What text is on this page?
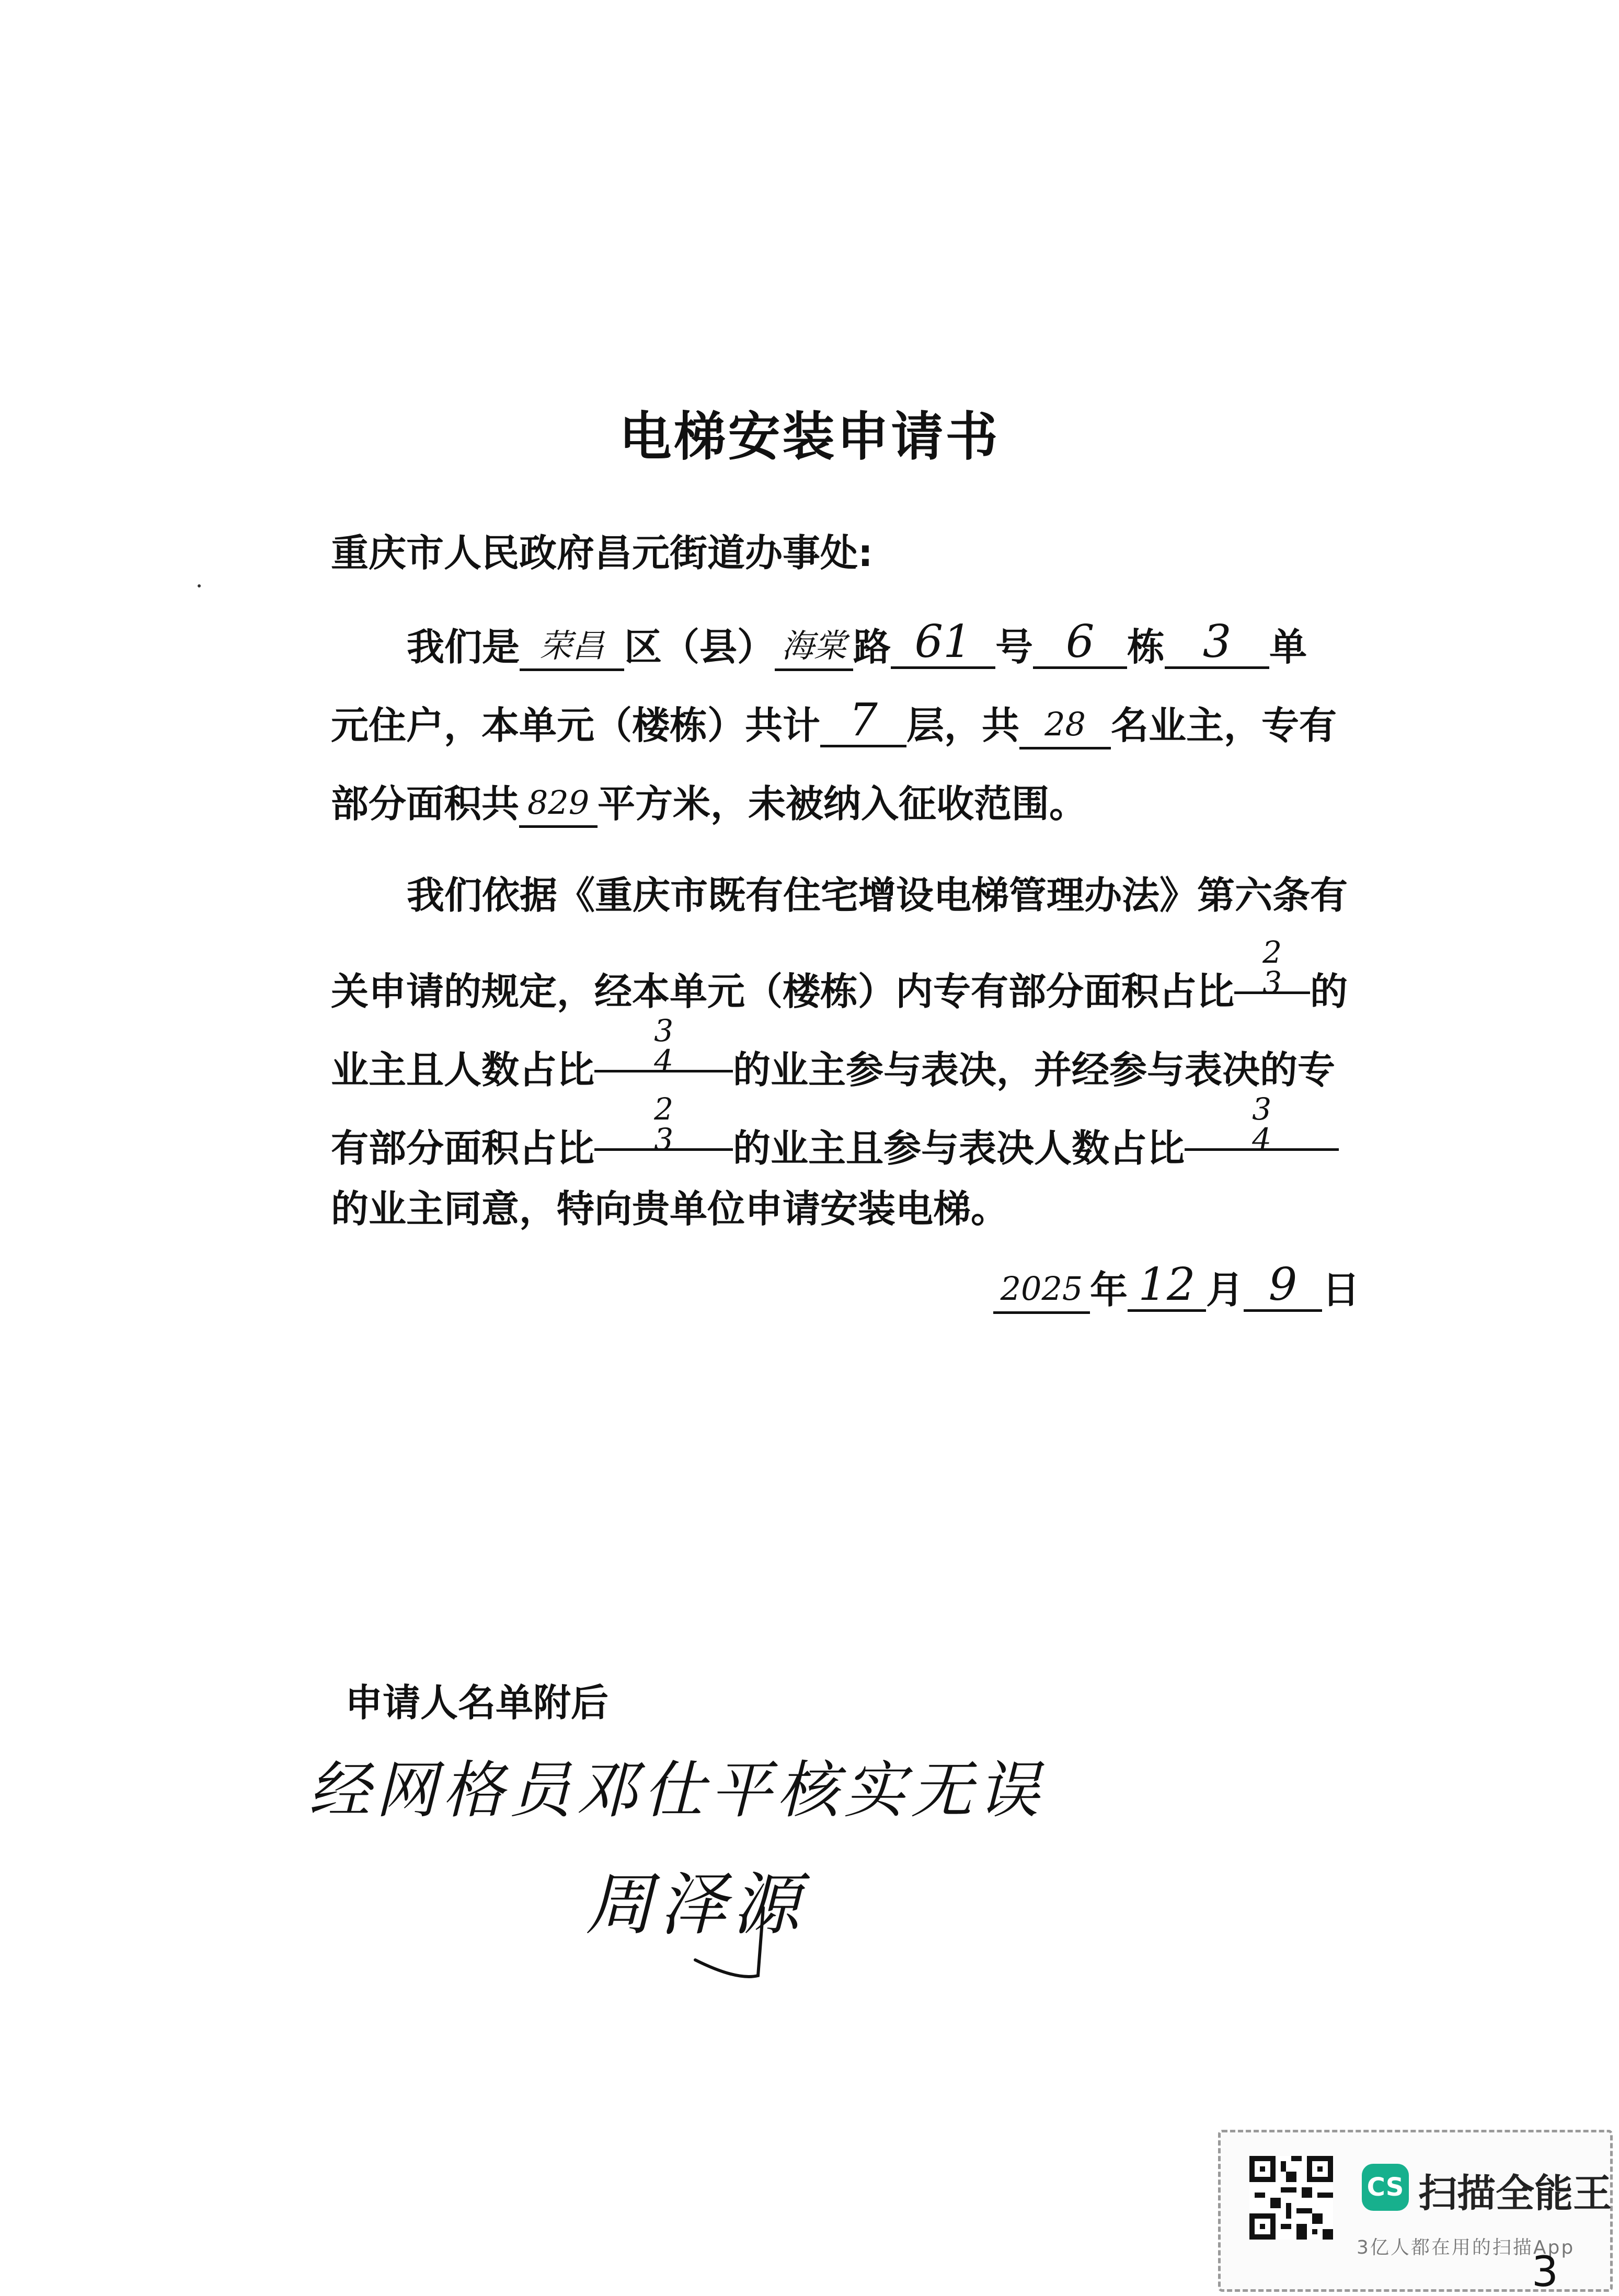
电梯安装申请书
重庆市人民政府昌元街道办事处:
我们是 荣昌 区（县） 海棠 路 61 号 6 栋 3 单
元住户，本单元（楼栋）共计 7 层，共 28 名业主，专有
部分面积共 829 平方米，未被纳入征收范围。
我们依据《重庆市既有住宅增设电梯管理办法》第六条有
关申请的规定，经本单元（楼栋）内专有部分面积占比
2
3 的
业主且人数占比
3
4 的业主参与表决，并经参与表决的专
有部分面积占比
2
3 的业主且参与表决人数占比
3
4
的业主同意，特向贵单位申请安装电梯。
2025 年 12 月 9 日
申请人名单附后
经网格员邓仕平核实无误
周泽源
CS 扫描全能王
3亿人都在用的扫描App
3
